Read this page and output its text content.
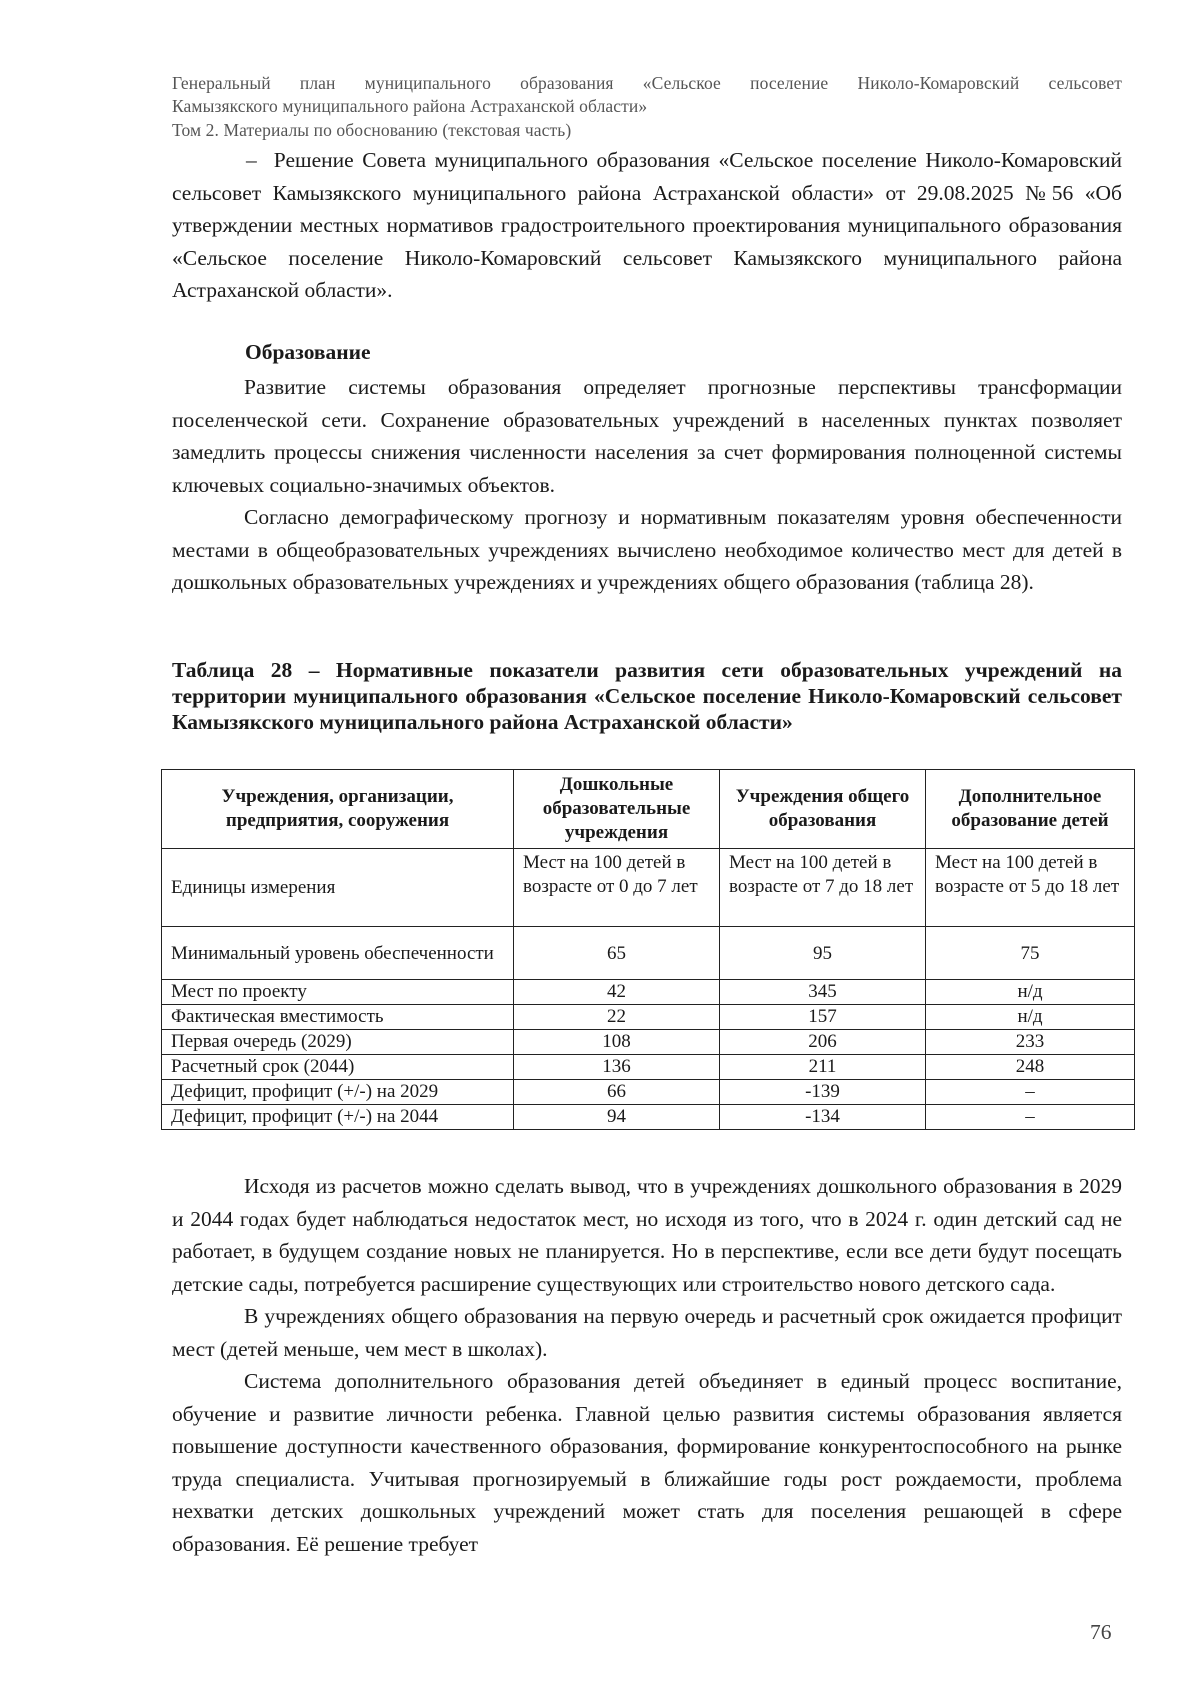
Генеральный план муниципального образования «Сельское поселение Николо-Комаровский сельсовет
Камызякского муниципального района Астраханской области»
Том 2. Материалы по обоснованию (текстовая часть)

–  Решение Совета муниципального образования «Сельское поселение Николо-Комаровский сельсовет Камызякского муниципального района Астраханской области» от 29.08.2025 №56 «Об утверждении местных нормативов градостроительного проектирования муниципального образования «Сельское поселение Николо-Комаровский сельсовет Камызякского муниципального района Астраханской области».

Образование

Развитие системы образования определяет прогнозные перспективы трансформации поселенческой сети. Сохранение образовательных учреждений в населенных пунктах позволяет замедлить процессы снижения численности населения за счет формирования полноценной системы ключевых социально-значимых объектов.

Согласно демографическому прогнозу и нормативным показателям уровня обеспеченности местами в общеобразовательных учреждениях вычислено необходимое количество мест для детей в дошкольных образовательных учреждениях и учреждениях общего образования (таблица 28).

Таблица 28 – Нормативные показатели развития сети образовательных учреждений на территории муниципального образования «Сельское поселение Николо-Комаровский сельсовет Камызякского муниципального района Астраханской области»
Учреждения, организации, предприятия, сооружения	Дошкольные образовательные учреждения	Учреждения общего образования	Дополнительное образование детей
Единицы измерения	Мест на 100 детей в возрасте от 0 до 7 лет	Мест на 100 детей в возрасте от 7 до 18 лет	Мест на 100 детей в возрасте от 5 до 18 лет
Минимальный уровень обеспеченности	65	95	75
Мест по проекту	42	345	н/д
Фактическая вместимость	22	157	н/д
Первая очередь (2029)	108	206	233
Расчетный срок (2044)	136	211	248
Дефицит, профицит (+/-) на 2029	66	-139	–
Дефицит, профицит (+/-) на 2044	94	-134	–

Исходя из расчетов можно сделать вывод, что в учреждениях дошкольного образования в 2029 и 2044 годах будет наблюдаться недостаток мест, но исходя из того, что в 2024 г. один детский сад не работает, в будущем создание новых не планируется. Но в перспективе, если все дети будут посещать детские сады, потребуется расширение существующих или строительство нового детского сада.

В учреждениях общего образования на первую очередь и расчетный срок ожидается профицит мест (детей меньше, чем мест в школах).

Система дополнительного образования детей объединяет в единый процесс воспитание, обучение и развитие личности ребенка. Главной целью развития системы образования является повышение доступности качественного образования, формирование конкурентоспособного на рынке труда специалиста. Учитывая прогнозируемый в ближайшие годы рост рождаемости, проблема нехватки детских дошкольных учреждений может стать для поселения решающей в сфере образования. Её решение требует

76
